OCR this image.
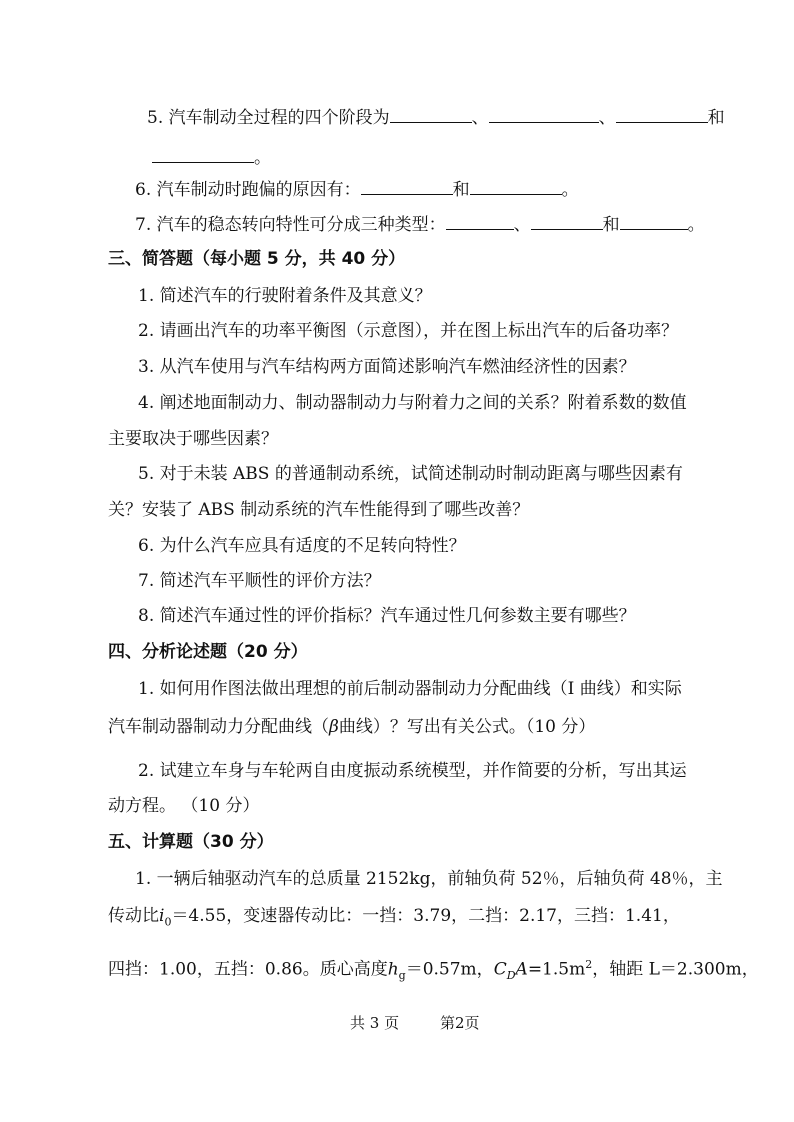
5. 汽车制动全过程的四个阶段为	、	、	和
。
6. 汽车制动时跑偏的原因有：	和	。
7. 汽车的稳态转向特性可分成三种类型：	、	和	。
三、简答题（每小题 5 分，共 40 分）
1. 简述汽车的行驶附着条件及其意义？
2. 请画出汽车的功率平衡图（示意图），并在图上标出汽车的后备功率？
3. 从汽车使用与汽车结构两方面简述影响汽车燃油经济性的因素？
4. 阐述地面制动力、制动器制动力与附着力之间的关系？附着系数的数值
主要取决于哪些因素？
5. 对于未装 ABS 的普通制动系统，试简述制动时制动距离与哪些因素有
关？安装了 ABS 制动系统的汽车性能得到了哪些改善？
6. 为什么汽车应具有适度的不足转向特性？
7. 简述汽车平顺性的评价方法？
8. 简述汽车通过性的评价指标？汽车通过性几何参数主要有哪些？
四、分析论述题（20 分）
1. 如何用作图法做出理想的前后制动器制动力分配曲线（I 曲线）和实际
汽车制动器制动力分配曲线（β曲线）？写出有关公式。（10 分）
2. 试建立车身与车轮两自由度振动系统模型，并作简要的分析，写出其运
动方程。 （10 分）
五、计算题（30 分）
1. 一辆后轴驱动汽车的总质量 2152kg，前轴负荷 52％，后轴负荷 48％，主
传动比$i_0=4.55$，变速器传动比：一挡：3.79，二挡：2.17，三挡：1.41，
四挡：1.00，五挡：0.86。质心高度$h_g=0.57m$，$C_DA=1.5m^2$，轴距 L＝2.300m，
共 3 页	第2页
